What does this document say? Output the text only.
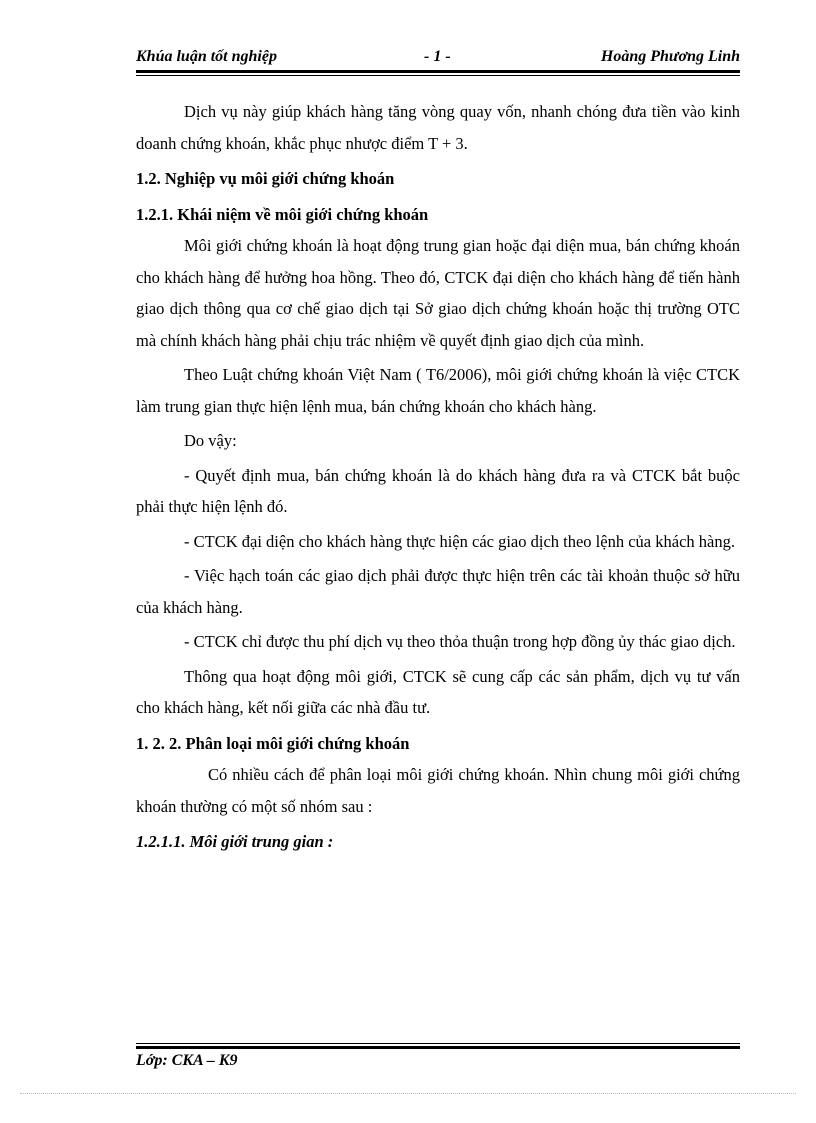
Khúa luận tốt nghiệp	- 1 -	Hoàng Phương Linh

Dịch vụ này giúp khách hàng tăng vòng quay vốn, nhanh chóng đưa tiền vào kinh doanh chứng khoán, khắc phục nhược điểm T + 3.

1.2. Nghiệp vụ môi giới chứng khoán

1.2.1. Khái niệm về môi giới chứng khoán

Môi giới chứng khoán là hoạt động trung gian hoặc đại diện mua, bán chứng khoán cho khách hàng để hưởng hoa hồng. Theo đó, CTCK đại diện cho khách hàng để tiến hành giao dịch thông qua cơ chế giao dịch tại Sở giao dịch chứng khoán hoặc thị trường OTC mà chính khách hàng phải chịu trác nhiệm về quyết định giao dịch của mình.

Theo Luật chứng khoán Việt Nam ( T6/2006), môi giới chứng khoán là việc CTCK làm trung gian thực hiện lệnh mua, bán chứng khoán cho khách hàng.

Do vậy:

- Quyết định mua, bán chứng khoán là do khách hàng đưa ra và CTCK bắt buộc phải thực hiện lệnh đó.

- CTCK đại diện cho khách hàng thực hiện các giao dịch theo lệnh của khách hàng.

- Việc hạch toán các giao dịch phải được thực hiện trên các tài khoản thuộc sở hữu của khách hàng.

- CTCK chỉ được thu phí dịch vụ theo thỏa thuận trong hợp đồng ủy thác giao dịch.

Thông qua hoạt động môi giới, CTCK sẽ cung cấp các sản phẩm, dịch vụ tư vấn cho khách hàng, kết nối giữa các nhà đầu tư.

1. 2. 2. Phân loại môi giới chứng khoán

Có nhiều cách để phân loại môi giới chứng khoán. Nhìn chung môi giới chứng khoán thường có một số nhóm sau :

1.2.1.1. Môi giới trung gian :

Lớp: CKA – K9
